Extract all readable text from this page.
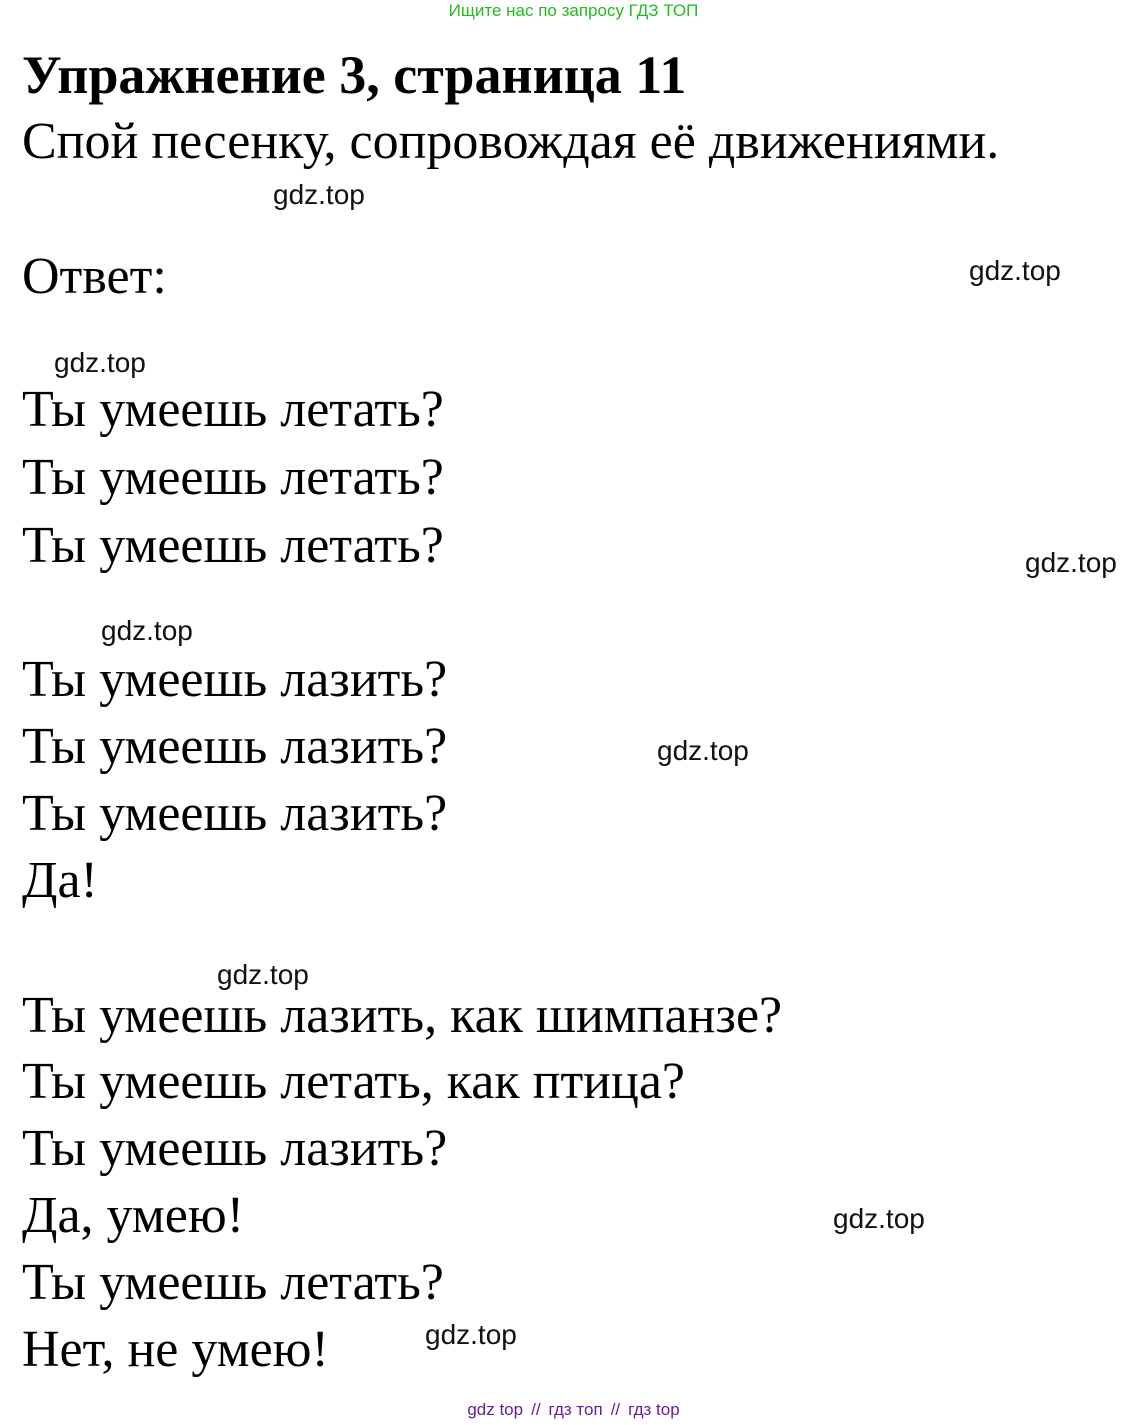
Ищите нас по запросу ГДЗ ТОП
Упражнение 3, страница 11
Спой песенку, сопровождая её движениями.
gdz.top
Ответ:	gdz.top
gdz.top
Ты умеешь летать?
Ты умеешь летать?
Ты умеешь летать?	gdz.top
gdz.top
Ты умеешь лазить?
Ты умеешь лазить?	gdz.top
Ты умеешь лазить?
Да!
gdz.top
Ты умеешь лазить, как шимпанзе?
Ты умеешь летать, как птица?
Ты умеешь лазить?
Да, умею!	gdz.top
Ты умеешь летать?
Нет, не умею!	gdz.top
gdz top // гдз топ // гдз top
